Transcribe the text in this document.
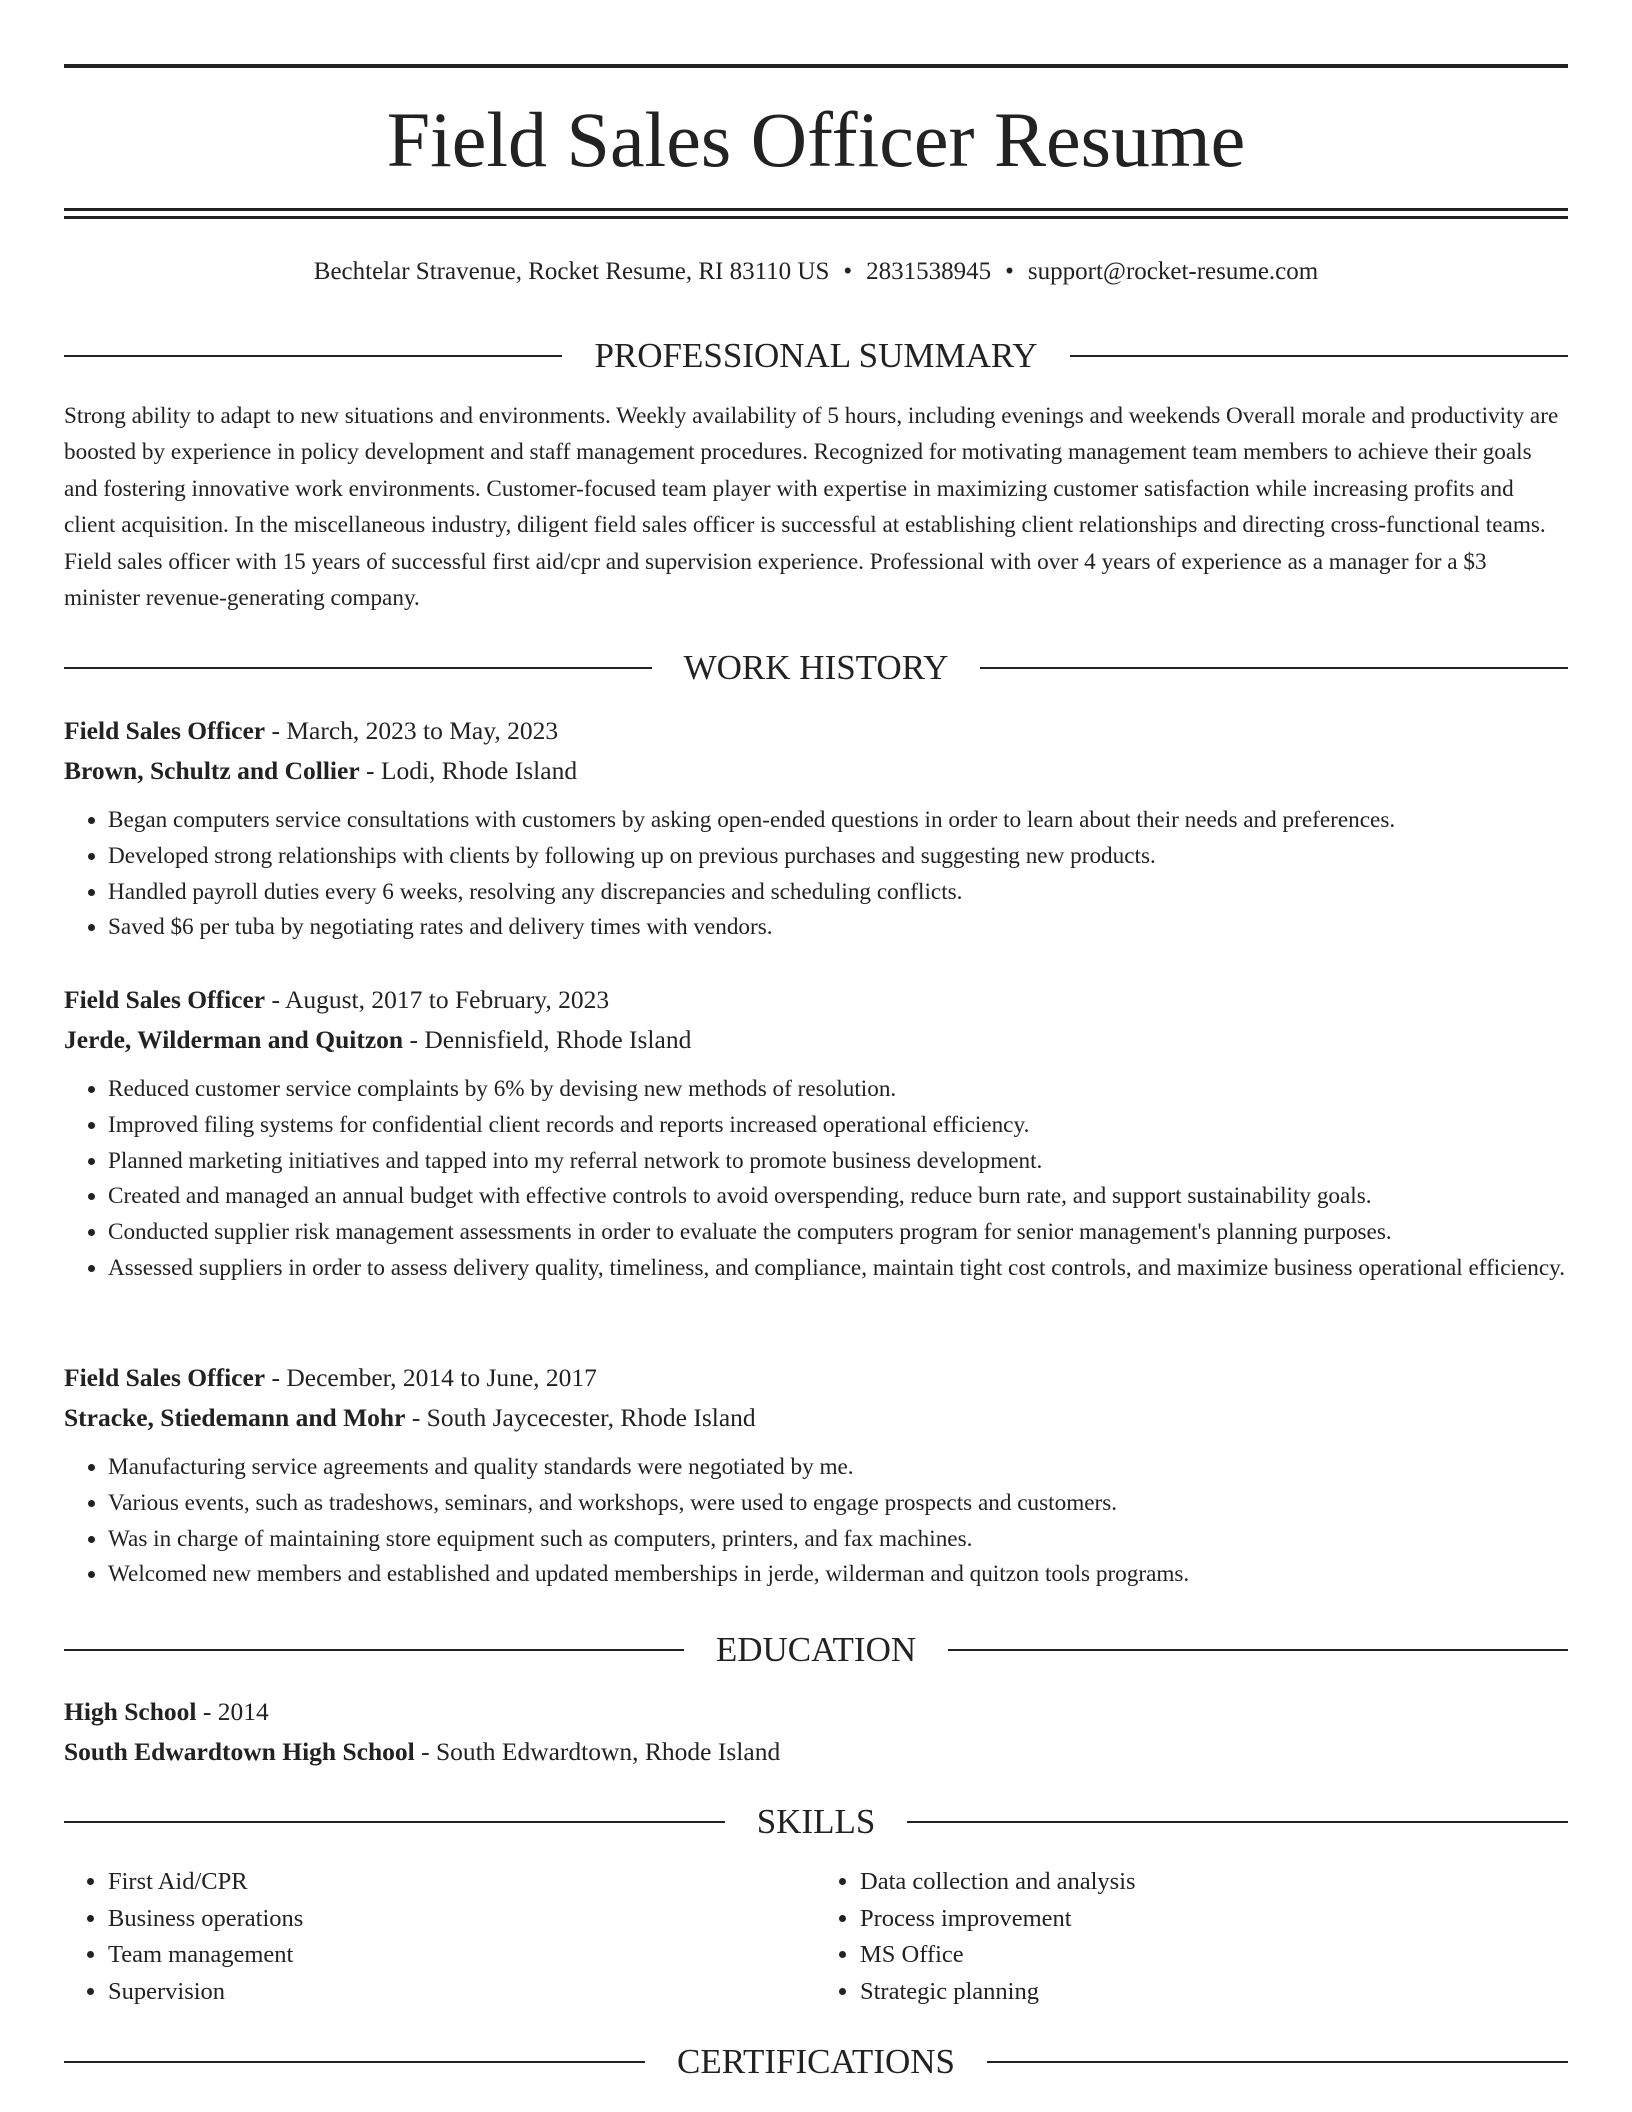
Field Sales Officer Resume
Bechtelar Stravenue, Rocket Resume, RI 83110 US • 2831538945 • support@rocket-resume.com
PROFESSIONAL SUMMARY

Strong ability to adapt to new situations and environments. Weekly availability of 5 hours, including evenings and weekends Overall morale and productivity are boosted by experience in policy development and staff management procedures. Recognized for motivating management team members to achieve their goals and fostering innovative work environments. Customer-focused team player with expertise in maximizing customer satisfaction while increasing profits and client acquisition. In the miscellaneous industry, diligent field sales officer is successful at establishing client relationships and directing cross-functional teams. Field sales officer with 15 years of successful first aid/cpr and supervision experience. Professional with over 4 years of experience as a manager for a $3 minister revenue-generating company.

WORK HISTORY
Field Sales Officer - March, 2023 to May, 2023
Brown, Schultz and Collier - Lodi, Rhode Island
• Began computers service consultations with customers by asking open-ended questions in order to learn about their needs and preferences.
• Developed strong relationships with clients by following up on previous purchases and suggesting new products.
• Handled payroll duties every 6 weeks, resolving any discrepancies and scheduling conflicts.
• Saved $6 per tuba by negotiating rates and delivery times with vendors.
Field Sales Officer - August, 2017 to February, 2023
Jerde, Wilderman and Quitzon - Dennisfield, Rhode Island
• Reduced customer service complaints by 6% by devising new methods of resolution.
• Improved filing systems for confidential client records and reports increased operational efficiency.
• Planned marketing initiatives and tapped into my referral network to promote business development.
• Created and managed an annual budget with effective controls to avoid overspending, reduce burn rate, and support sustainability goals.
• Conducted supplier risk management assessments in order to evaluate the computers program for senior management's planning purposes.
• Assessed suppliers in order to assess delivery quality, timeliness, and compliance, maintain tight cost controls, and maximize business operational efficiency.
Field Sales Officer - December, 2014 to June, 2017
Stracke, Stiedemann and Mohr - South Jaycecester, Rhode Island
• Manufacturing service agreements and quality standards were negotiated by me.
• Various events, such as tradeshows, seminars, and workshops, were used to engage prospects and customers.
• Was in charge of maintaining store equipment such as computers, printers, and fax machines.
• Welcomed new members and established and updated memberships in jerde, wilderman and quitzon tools programs.
EDUCATION
High School - 2014
South Edwardtown High School - South Edwardtown, Rhode Island
SKILLS
• First Aid/CPR
• Business operations
• Team management
• Supervision
• Data collection and analysis
• Process improvement
• MS Office
• Strategic planning
CERTIFICATIONS
